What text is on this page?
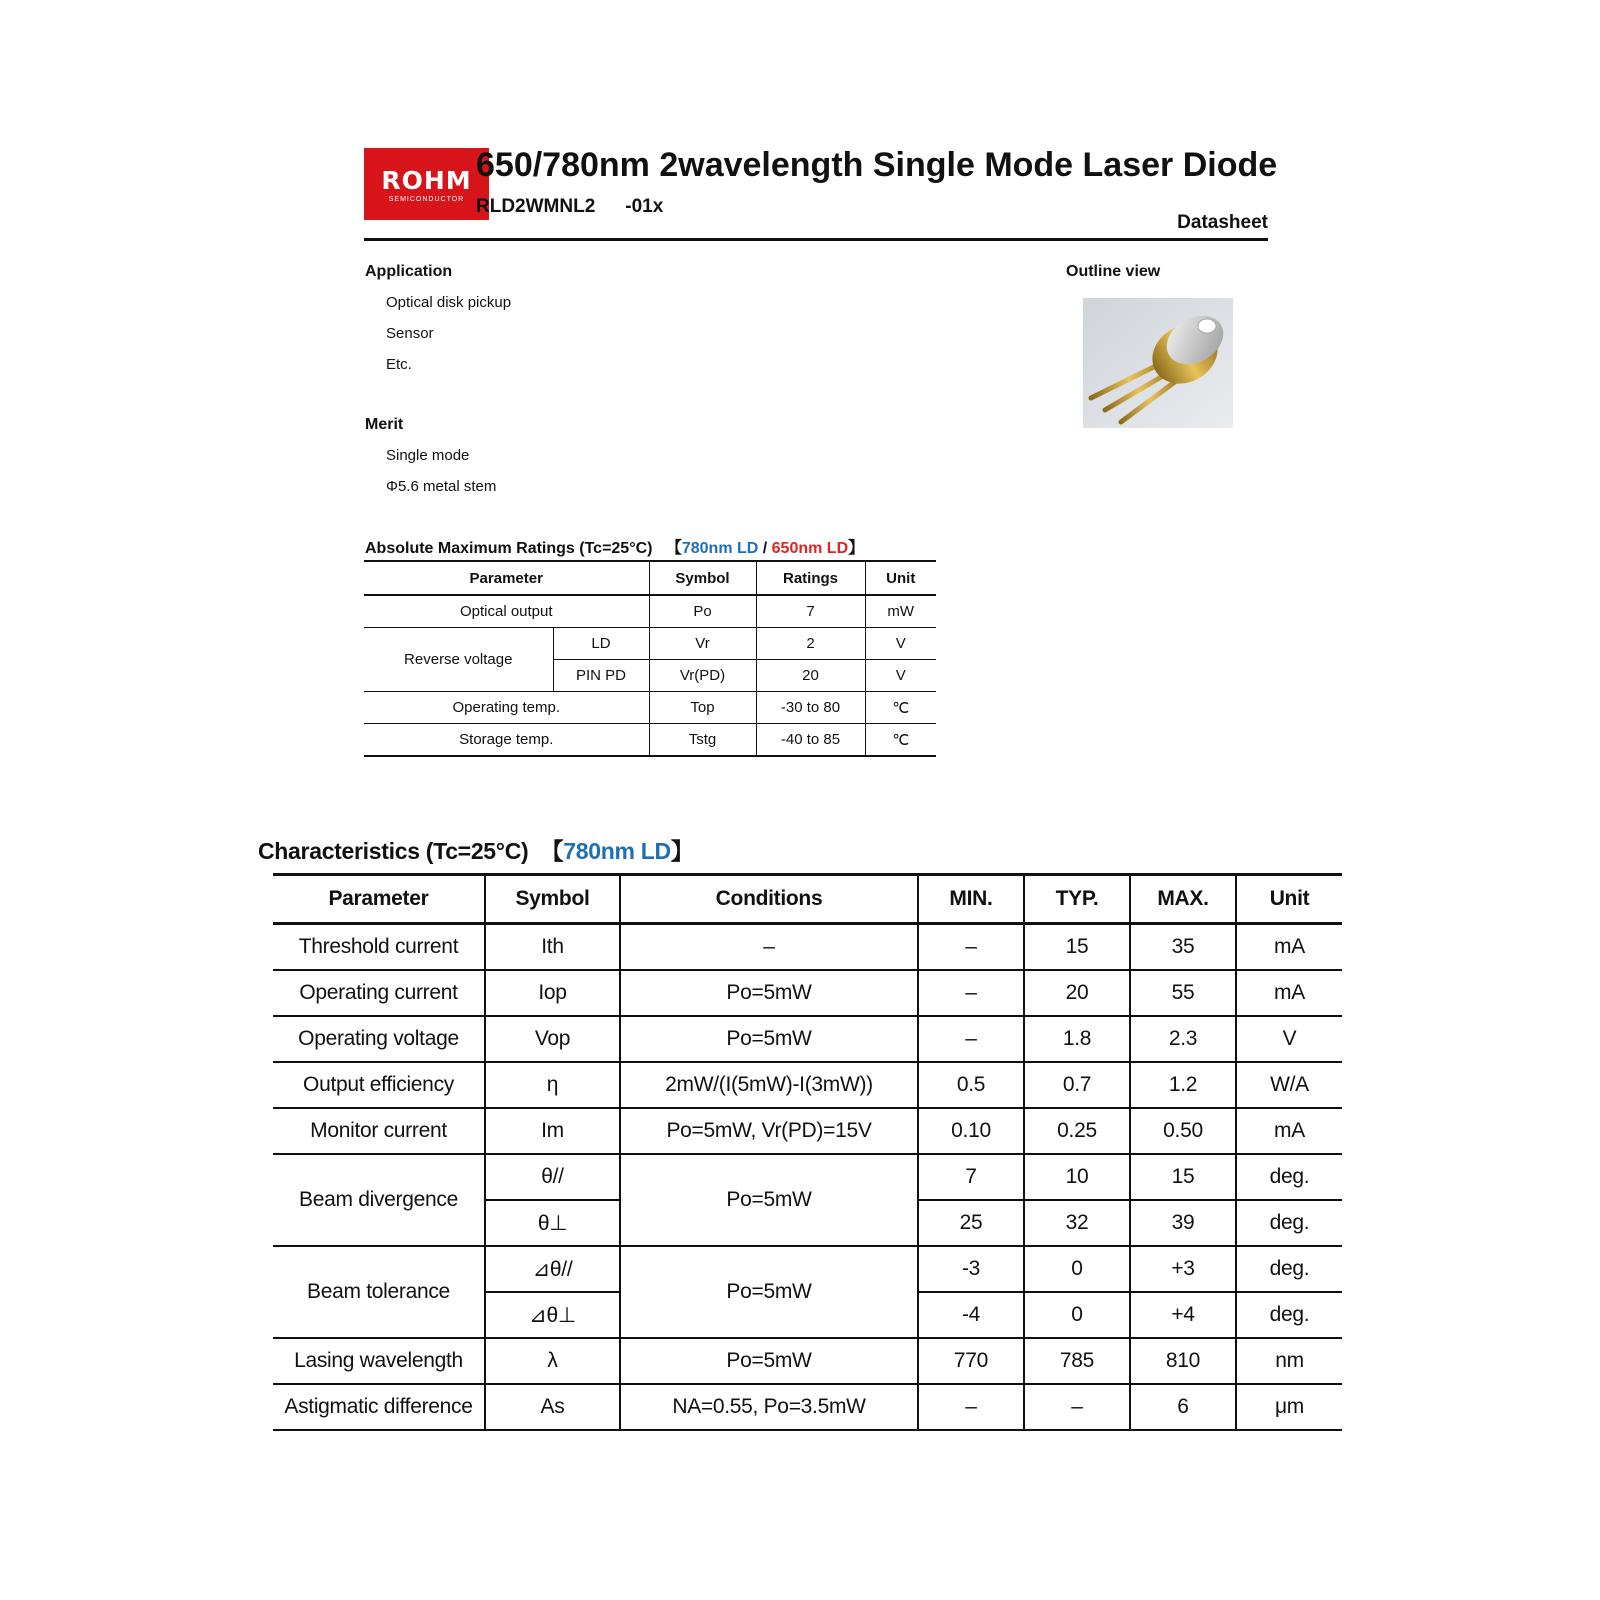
ROHM
SEMICONDUCTOR
650/780nm 2wavelength Single Mode Laser Diode
RLD2WMNL2 -01x
Datasheet
Application
Optical disk pickup
Sensor
Etc.
Merit
Single mode
Φ5.6 metal stem
Outline view
Absolute Maximum Ratings (Tc=25°C) 【780nm LD / 650nm LD】
Parameter		Symbol	Ratings	Unit
Optical output		Po	7	mW
Reverse voltage	LD	Vr	2	V
	PIN PD	Vr(PD)	20	V
Operating temp.		Top	-30 to 80	℃
Storage temp.		Tstg	-40 to 85	℃
Characteristics (Tc=25°C) 【780nm LD】
Parameter	Symbol	Conditions	MIN.	TYP.	MAX.	Unit
Threshold current	Ith	–	–	15	35	mA
Operating current	Iop	Po=5mW	–	20	55	mA
Operating voltage	Vop	Po=5mW	–	1.8	2.3	V
Output efficiency	η	2mW/(I(5mW)-I(3mW))	0.5	0.7	1.2	W/A
Monitor current	Im	Po=5mW, Vr(PD)=15V	0.10	0.25	0.50	mA
Beam divergence	θ//	Po=5mW	7	10	15	deg.
	θ⊥		25	32	39	deg.
Beam tolerance	⊿θ//	Po=5mW	-3	0	+3	deg.
	⊿θ⊥		-4	0	+4	deg.
Lasing wavelength	λ	Po=5mW	770	785	810	nm
Astigmatic difference	As	NA=0.55, Po=3.5mW	–	–	6	μm
